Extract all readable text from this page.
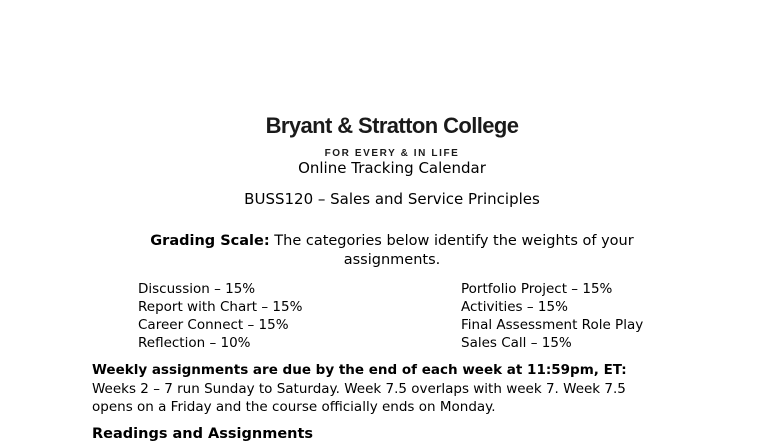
Bryant & Stratton College
FOR EVERY & IN LIFE
Online Tracking Calendar
BUSS120 – Sales and Service Principles
Grading Scale: The categories below identify the weights of your
assignments.
Discussion – 15%
Report with Chart – 15%
Career Connect – 15%
Reflection – 10%
Portfolio Project – 15%
Activities – 15%
Final Assessment Role Play
Sales Call – 15%
Weekly assignments are due by the end of each week at 11:59pm, ET:
Weeks 2 – 7 run Sunday to Saturday. Week 7.5 overlaps with week 7. Week 7.5
opens on a Friday and the course officially ends on Monday.
Readings and Assignments
